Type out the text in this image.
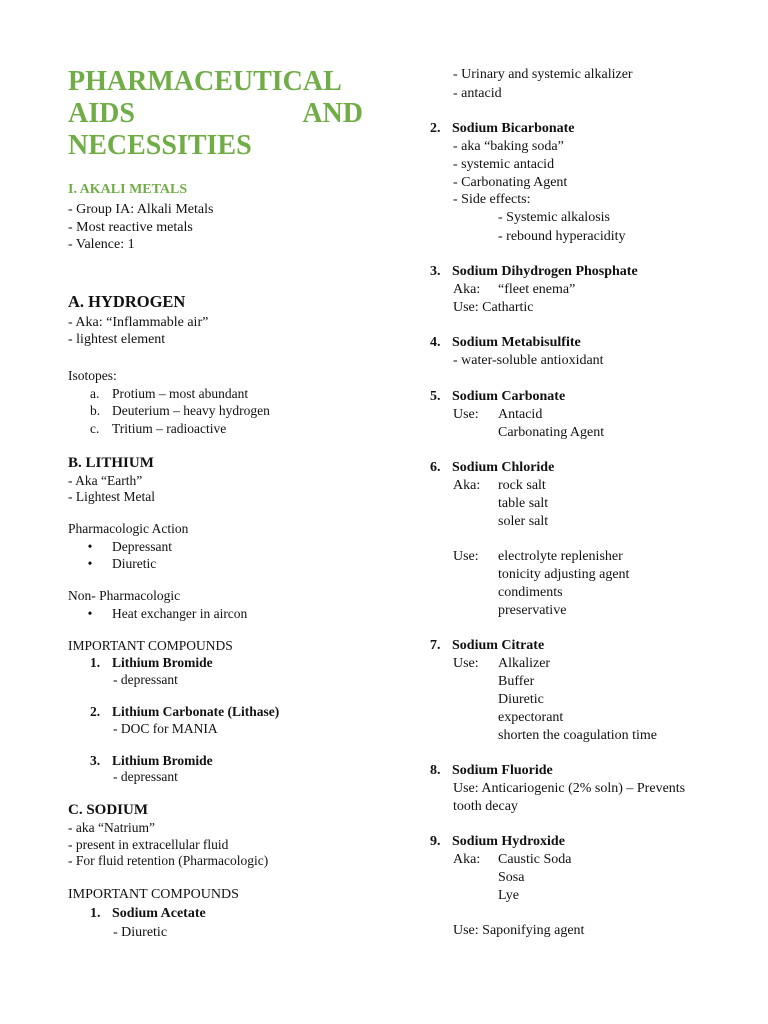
PHARMACEUTICAL
AIDS	AND
NECESSITIES
I. AKALI METALS
- Group IA: Alkali Metals
- Most reactive metals
- Valence: 1
A. HYDROGEN
- Aka: “Inflammable air”
- lightest element
Isotopes:
a. Protium – most abundant
b. Deuterium – heavy hydrogen
c. Tritium – radioactive
B. LITHIUM
- Aka “Earth”
- Lightest Metal
Pharmacologic Action
• Depressant
• Diuretic
Non- Pharmacologic
• Heat exchanger in aircon
IMPORTANT COMPOUNDS
1. Lithium Bromide
- depressant
2. Lithium Carbonate (Lithase)
- DOC for MANIA
3. Lithium Bromide
- depressant
C. SODIUM
- aka “Natrium”
- present in extracellular fluid
- For fluid retention (Pharmacologic)
IMPORTANT COMPOUNDS
1. Sodium Acetate
- Diuretic
- Urinary and systemic alkalizer
- antacid
2. Sodium Bicarbonate
- aka “baking soda”
- systemic antacid
- Carbonating Agent
- Side effects:
- Systemic alkalosis
- rebound hyperacidity
3. Sodium Dihydrogen Phosphate
Aka: “fleet enema”
Use: Cathartic
4. Sodium Metabisulfite
- water-soluble antioxidant
5. Sodium Carbonate
Use: Antacid
Carbonating Agent
6. Sodium Chloride
Aka: rock salt
table salt
soler salt
Use: electrolyte replenisher
tonicity adjusting agent
condiments
preservative
7. Sodium Citrate
Use: Alkalizer
Buffer
Diuretic
expectorant
shorten the coagulation time
8. Sodium Fluoride
Use: Anticariogenic (2% soln) – Prevents
tooth decay
9. Sodium Hydroxide
Aka: Caustic Soda
Sosa
Lye
Use: Saponifying agent
